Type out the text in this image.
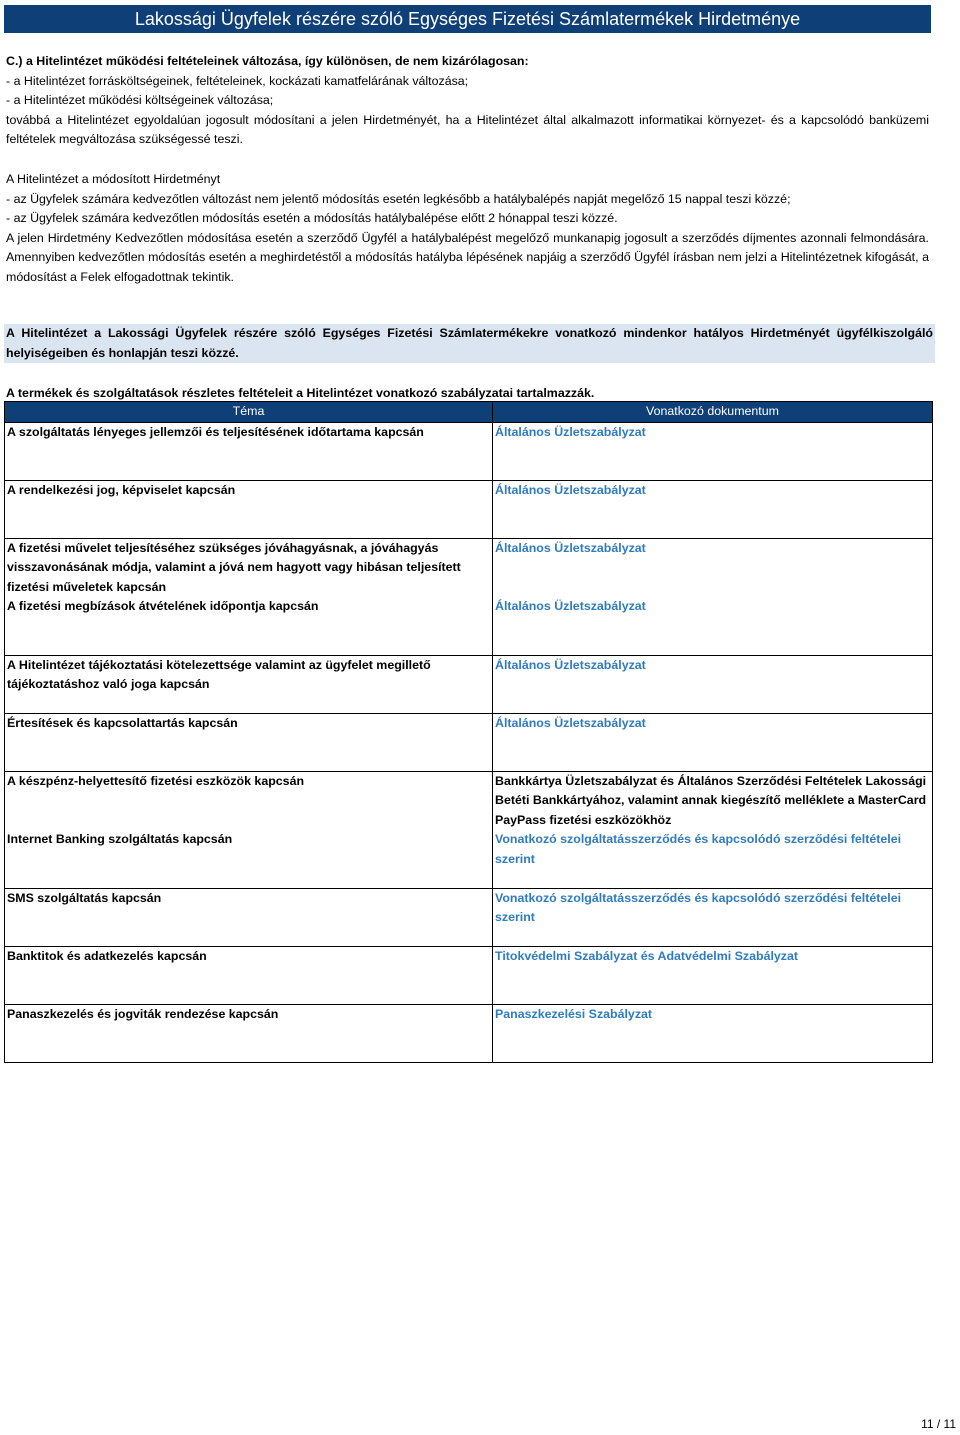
Lakossági Ügyfelek részére szóló Egységes Fizetési Számlatermékek Hirdetménye

C.) a Hitelintézet működési feltételeinek változása, így különösen, de nem kizárólagosan:

- a Hitelintézet forrásköltségeinek, feltételeinek, kockázati kamatfelárának változása;

- a Hitelintézet működési költségeinek változása;

továbbá a Hitelintézet egyoldalúan jogosult módosítani a jelen Hirdetményét, ha a Hitelintézet által alkalmazott informatikai környezet- és a kapcsolódó banküzemi feltételek megváltozása szükségessé teszi.

A Hitelintézet a módosított Hirdetményt

- az Ügyfelek számára kedvezőtlen változást nem jelentő módosítás esetén legkésőbb a hatálybalépés napját megelőző 15 nappal teszi közzé;

- az Ügyfelek számára kedvezőtlen módosítás esetén a módosítás hatálybalépése előtt 2 hónappal teszi közzé.

A jelen Hirdetmény Kedvezőtlen módosítása esetén a szerződő Ügyfél a hatálybalépést megelőző munkanapig jogosult a szerződés díjmentes azonnali felmondására. Amennyiben kedvezőtlen módosítás esetén a meghirdetéstől a módosítás hatályba lépésének napjáig a szerződő Ügyfél írásban nem jelzi a Hitelintézetnek kifogását, a módosítást a Felek elfogadottnak tekintik.

A Hitelintézet a Lakossági Ügyfelek részére szóló Egységes Fizetési Számlatermékekre vonatkozó mindenkor hatályos Hirdetményét ügyfélkiszolgáló helyiségeiben és honlapján teszi közzé.
A termékek és szolgáltatások részletes feltételeit a Hitelintézet vonatkozó szabályzatai tartalmazzák.
Téma	Vonatkozó dokumentum
A szolgáltatás lényeges jellemzői és teljesítésének időtartama kapcsán	Általános Üzletszabályzat
A rendelkezési jog, képviselet kapcsán	Általános Üzletszabályzat
A fizetési művelet teljesítéséhez szükséges jóváhagyásnak, a jóváhagyás visszavonásának módja, valamint a jóvá nem hagyott vagy hibásan teljesített fizetési műveletek kapcsán	Általános Üzletszabályzat
A fizetési megbízások átvételének időpontja kapcsán	Általános Üzletszabályzat
A Hitelintézet tájékoztatási kötelezettsége valamint az ügyfelet megillető tájékoztatáshoz való joga kapcsán	Általános Üzletszabályzat
Értesítések és kapcsolattartás kapcsán	Általános Üzletszabályzat
A készpénz-helyettesítő fizetési eszközök kapcsán	Bankkártya Üzletszabályzat és Általános Szerződési Feltételek Lakossági Betéti Bankkártyához, valamint annak kiegészítő melléklete a MasterCard PayPass fizetési eszközökhöz
Internet Banking szolgáltatás kapcsán	Vonatkozó szolgáltatásszerződés és kapcsolódó szerződési feltételei szerint
SMS szolgáltatás kapcsán	Vonatkozó szolgáltatásszerződés és kapcsolódó szerződési feltételei szerint
Banktitok és adatkezelés kapcsán	Titokvédelmi Szabályzat és Adatvédelmi Szabályzat
Panaszkezelés és jogviták rendezése kapcsán	Panaszkezelési Szabályzat
11 / 11
